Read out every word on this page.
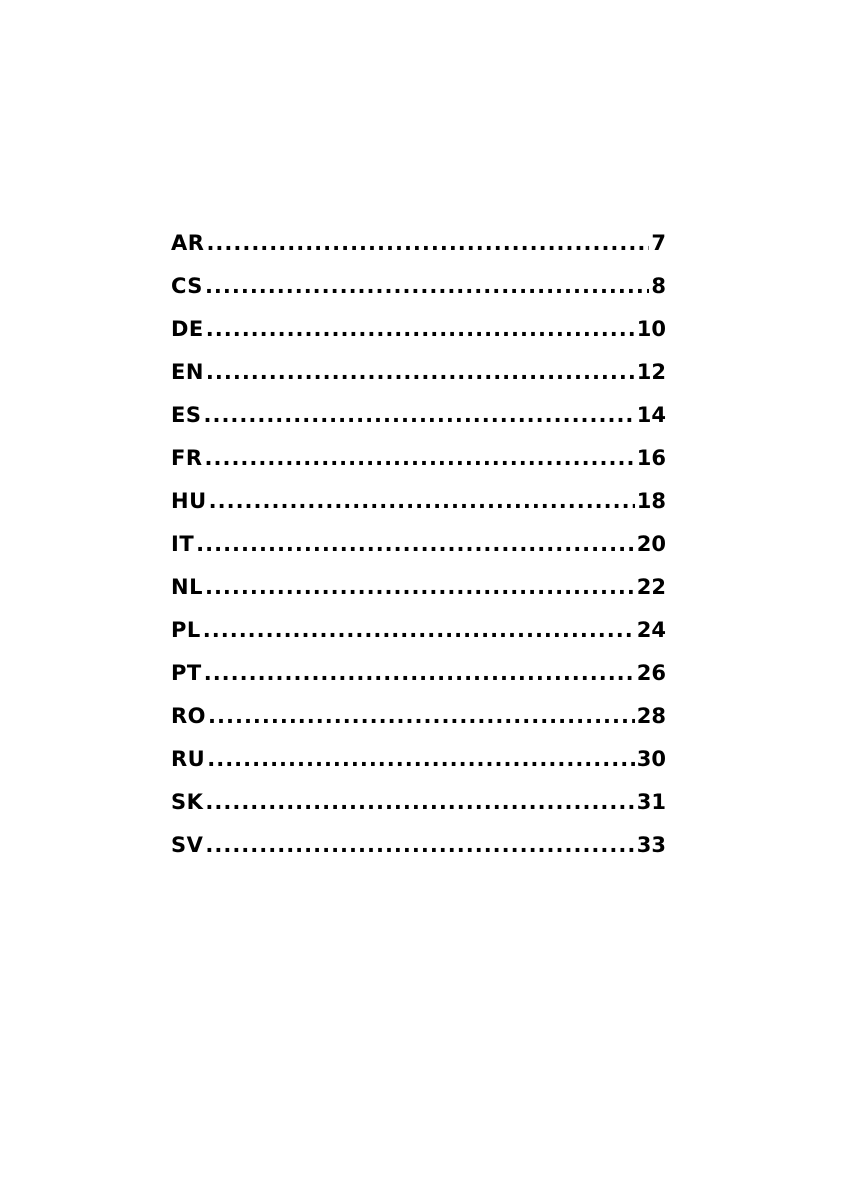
AR .....	7
CS .....	8
DE .....	10
EN .....	12
ES .....	14
FR .....	16
HU .....	18
IT .....	20
NL .....	22
PL .....	24
PT .....	26
RO .....	28
RU .....	30
SK .....	31
SV .....	33
